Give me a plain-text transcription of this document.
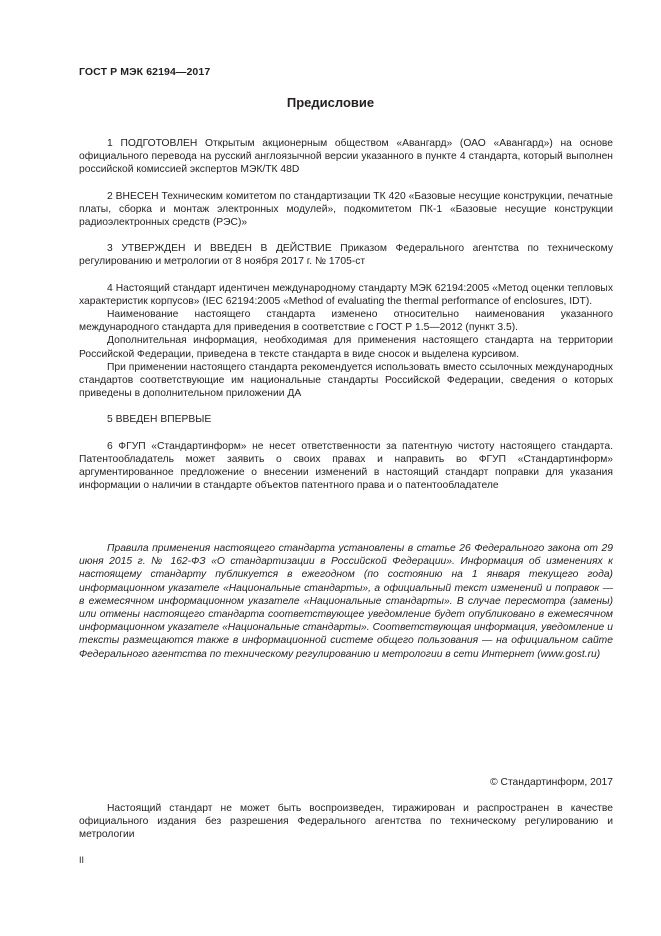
ГОСТ Р МЭК 62194—2017
Предисловие

1 ПОДГОТОВЛЕН Открытым акционерным обществом «Авангард» (ОАО «Авангард») на основе официального перевода на русский англоязычной версии указанного в пункте 4 стандарта, который выполнен российской комиссией экспертов МЭК/ТК 48D

2 ВНЕСЕН Техническим комитетом по стандартизации ТК 420 «Базовые несущие конструкции, печатные платы, сборка и монтаж электронных модулей», подкомитетом ПК-1 «Базовые несущие конструкции радиоэлектронных средств (РЭС)»

3 УТВЕРЖДЕН И ВВЕДЕН В ДЕЙСТВИЕ Приказом Федерального агентства по техническому регулированию и метрологии от 8 ноября 2017 г. № 1705-ст

4 Настоящий стандарт идентичен международному стандарту МЭК 62194:2005 «Метод оценки тепловых характеристик корпусов» (IEC 62194:2005 «Method of evaluating the thermal performance of enclosures, IDT).

Наименование настоящего стандарта изменено относительно наименования указанного международного стандарта для приведения в соответствие с ГОСТ Р 1.5—2012 (пункт 3.5).

Дополнительная информация, необходимая для применения настоящего стандарта на территории Российской Федерации, приведена в тексте стандарта в виде сносок и выделена курсивом.

При применении настоящего стандарта рекомендуется использовать вместо ссылочных международных стандартов соответствующие им национальные стандарты Российской Федерации, сведения о которых приведены в дополнительном приложении ДА

5 ВВЕДЕН ВПЕРВЫЕ

6 ФГУП «Стандартинформ» не несет ответственности за патентную чистоту настоящего стандарта. Патентообладатель может заявить о своих правах и направить во ФГУП «Стандартинформ» аргументированное предложение о внесении изменений в настоящий стандарт поправки для указания информации о наличии в стандарте объектов патентного права и о патентообладателе

Правила применения настоящего стандарта установлены в статье 26 Федерального закона от 29 июня 2015 г. № 162-ФЗ «О стандартизации в Российской Федерации». Информация об изменениях к настоящему стандарту публикуется в ежегодном (по состоянию на 1 января текущего года) информационном указателе «Национальные стандарты», а официальный текст изменений и поправок — в ежемесячном информационном указателе «Национальные стандарты». В случае пересмотра (замены) или отмены настоящего стандарта соответствующее уведомление будет опубликовано в ежемесячном информационном указателе «Национальные стандарты». Соответствующая информация, уведомление и тексты размещаются также в информационной системе общего пользования — на официальном сайте Федерального агентства по техническому регулированию и метрологии в сети Интернет (www.gost.ru)

© Стандартинформ, 2017

Настоящий стандарт не может быть воспроизведен, тиражирован и распространен в качестве официального издания без разрешения Федерального агентства по техническому регулированию и метрологии

II
